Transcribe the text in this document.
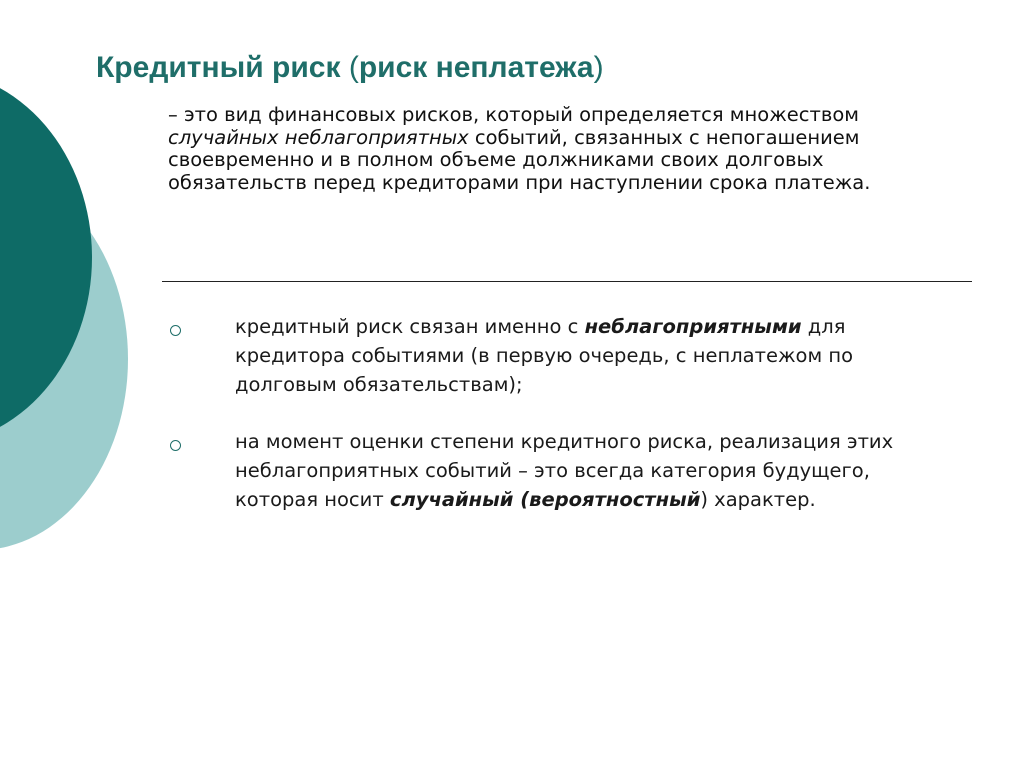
Кредитный риск (риск неплатежа)

– это вид финансовых рисков, который определяется множеством случайных неблагоприятных событий, связанных с непогашением своевременно и в полном объеме должниками своих долговых обязательств перед кредиторами при наступлении срока платежа.

кредитный риск связан именно с неблагоприятными для кредитора событиями (в первую очередь, с неплатежом по долговым обязательствам);
на момент оценки степени кредитного риска, реализация этих неблагоприятных событий – это всегда категория будущего, которая носит случайный (вероятностный) характер.
